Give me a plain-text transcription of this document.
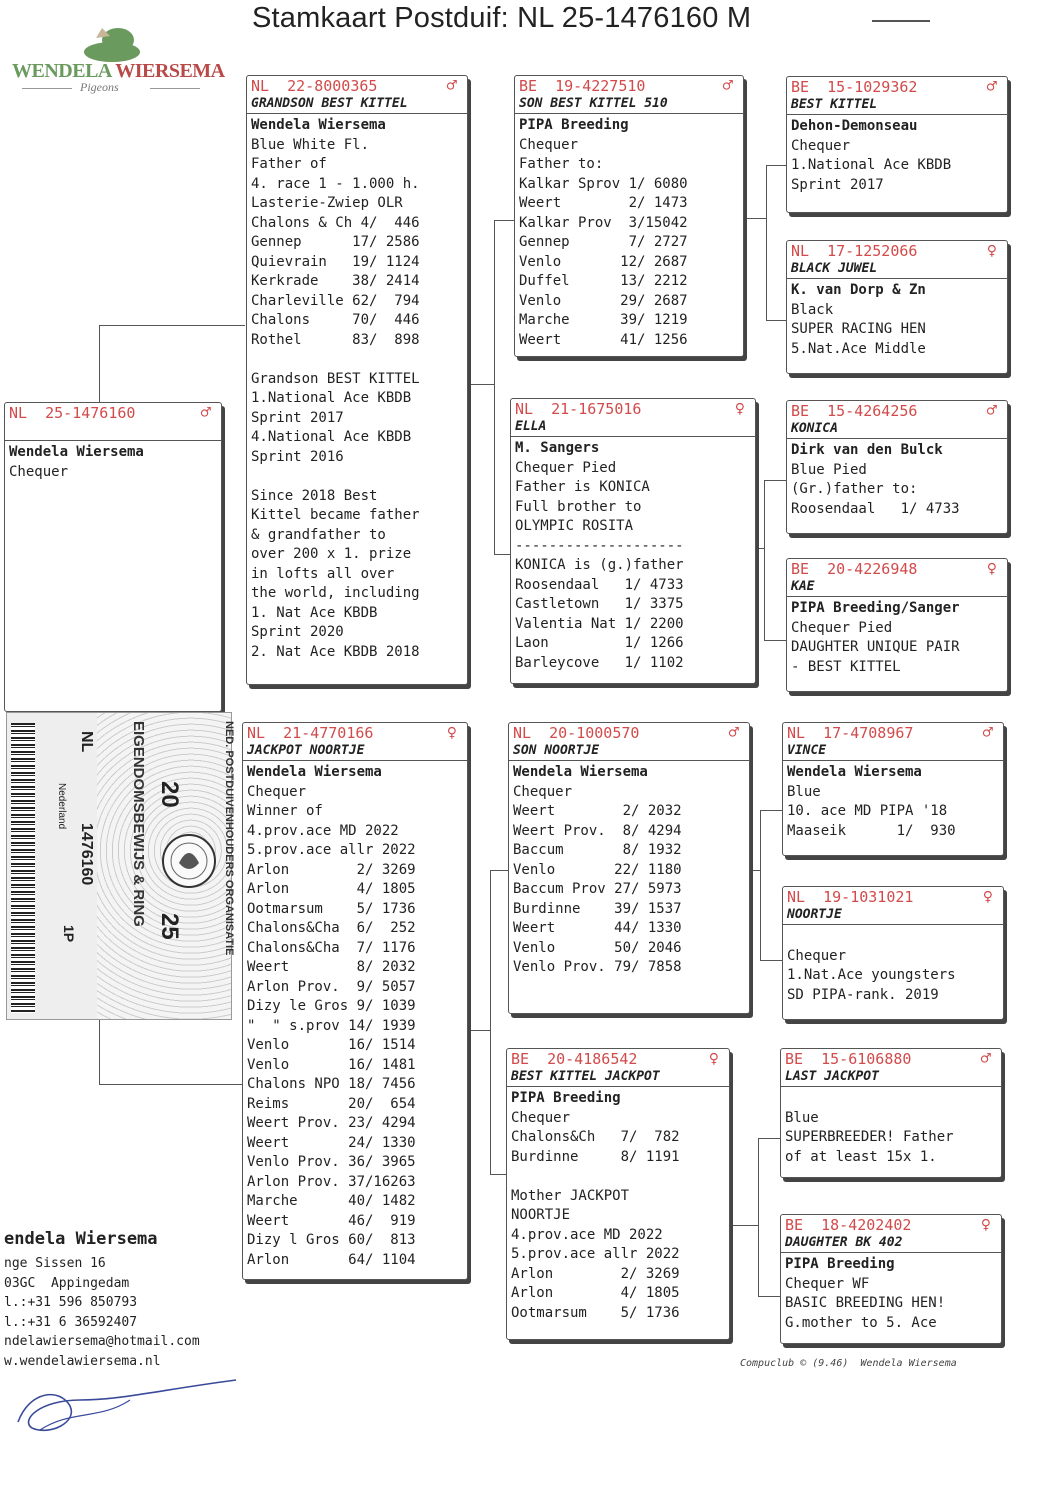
Stamkaart Postduif: NL 25-1476160 M
WENDELA WIERSEMA
Pigeons
NL  25-1476160	♂
Wendela Wiersema
Chequer
NL
1476160
Nederland
1P	NED. POSTDUIVENHOUDERS ORGANISATIE
EIGENDOMSBEWIJS & RING 20
25
NL  22-8000365	♂
GRANDSON BEST KITTEL
Wendela Wiersema
Blue White Fl.
Father of
4. race 1 - 1.000 h.
Lasterie-Zwiep OLR
Chalons & Ch 4/  446
Gennep      17/ 2586
Quievrain   19/ 1124
Kerkrade    38/ 2414
Charleville 62/  794
Chalons     70/  446
Rothel      83/  898
Grandson BEST KITTEL
1.National Ace KBDB
Sprint 2017
4.National Ace KBDB
Sprint 2016
Since 2018 Best
Kittel became father
& grandfather to
over 200 x 1. prize
in lofts all over
the world, including
1. Nat Ace KBDB
Sprint 2020
2. Nat Ace KBDB 2018
BE  19-4227510	♂
SON BEST KITTEL 510
PIPA Breeding
Chequer
Father to:
Kalkar Sprov 1/ 6080
Weert        2/ 1473
Kalkar Prov  3/15042
Gennep       7/ 2727
Venlo       12/ 2687
Duffel      13/ 2212
Venlo       29/ 2687
Marche      39/ 1219
Weert       41/ 1256
BE  15-1029362	♂
BEST KITTEL
Dehon-Demonseau
Chequer
1.National Ace KBDB
Sprint 2017
NL  17-1252066	♀
BLACK JUWEL
K. van Dorp & Zn
Black
SUPER RACING HEN
5.Nat.Ace Middle
NL  21-1675016	♀
ELLA
M. Sangers
Chequer Pied
Father is KONICA
Full brother to
OLYMPIC ROSITA
--------------------
KONICA is (g.)father
Roosendaal   1/ 4733
Castletown   1/ 3375
Valentia Nat 1/ 2200
Laon         1/ 1266
Barleycove   1/ 1102
BE  15-4264256	♂
KONICA
Dirk van den Bulck
Blue Pied
(Gr.)father to:
Roosendaal   1/ 4733
BE  20-4226948	♀
KAE
PIPA Breeding/Sanger
Chequer Pied
DAUGHTER UNIQUE PAIR
- BEST KITTEL
NL  21-4770166	♀
JACKPOT NOORTJE
Wendela Wiersema
Chequer
Winner of
4.prov.ace MD 2022
5.prov.ace allr 2022
Arlon        2/ 3269
Arlon        4/ 1805
Ootmarsum    5/ 1736
Chalons&Cha  6/  252
Chalons&Cha  7/ 1176
Weert        8/ 2032
Arlon Prov.  9/ 5057
Dizy le Gros 9/ 1039
"  " s.prov 14/ 1939
Venlo       16/ 1514
Venlo       16/ 1481
Chalons NPO 18/ 7456
Reims       20/  654
Weert Prov. 23/ 4294
Weert       24/ 1330
Venlo Prov. 36/ 3965
Arlon Prov. 37/16263
Marche      40/ 1482
Weert       46/  919
Dizy l Gros 60/  813
Arlon       64/ 1104
NL  20-1000570	♂
SON NOORTJE
Wendela Wiersema
Chequer
Weert        2/ 2032
Weert Prov.  8/ 4294
Baccum       8/ 1932
Venlo       22/ 1180
Baccum Prov 27/ 5973
Burdinne    39/ 1537
Weert       44/ 1330
Venlo       50/ 2046
Venlo Prov. 79/ 7858
NL  17-4708967	♂
VINCE
Wendela Wiersema
Blue
10. ace MD PIPA '18
Maaseik      1/  930
NL  19-1031021	♀
NOORTJE
Chequer
1.Nat.Ace youngsters
SD PIPA-rank. 2019
BE  20-4186542	♀
BEST KITTEL JACKPOT
PIPA Breeding
Chequer
Chalons&Ch   7/  782
Burdinne     8/ 1191
Mother JACKPOT
NOORTJE
4.prov.ace MD 2022
5.prov.ace allr 2022
Arlon        2/ 3269
Arlon        4/ 1805
Ootmarsum    5/ 1736
BE  15-6106880	♂
LAST JACKPOT
Blue
SUPERBREEDER! Father
of at least 15x 1.
BE  18-4202402	♀
DAUGHTER BK 402
PIPA Breeding
Chequer WF
BASIC BREEDING HEN!
G.mother to 5. Ace
endela Wiersema
nge Sissen 16
03GC  Appingedam
l.:+31 596 850793
l.:+31 6 36592407
ndelawiersema@hotmail.com
w.wendelawiersema.nl	Compuclub © (9.46)  Wendela Wiersema
